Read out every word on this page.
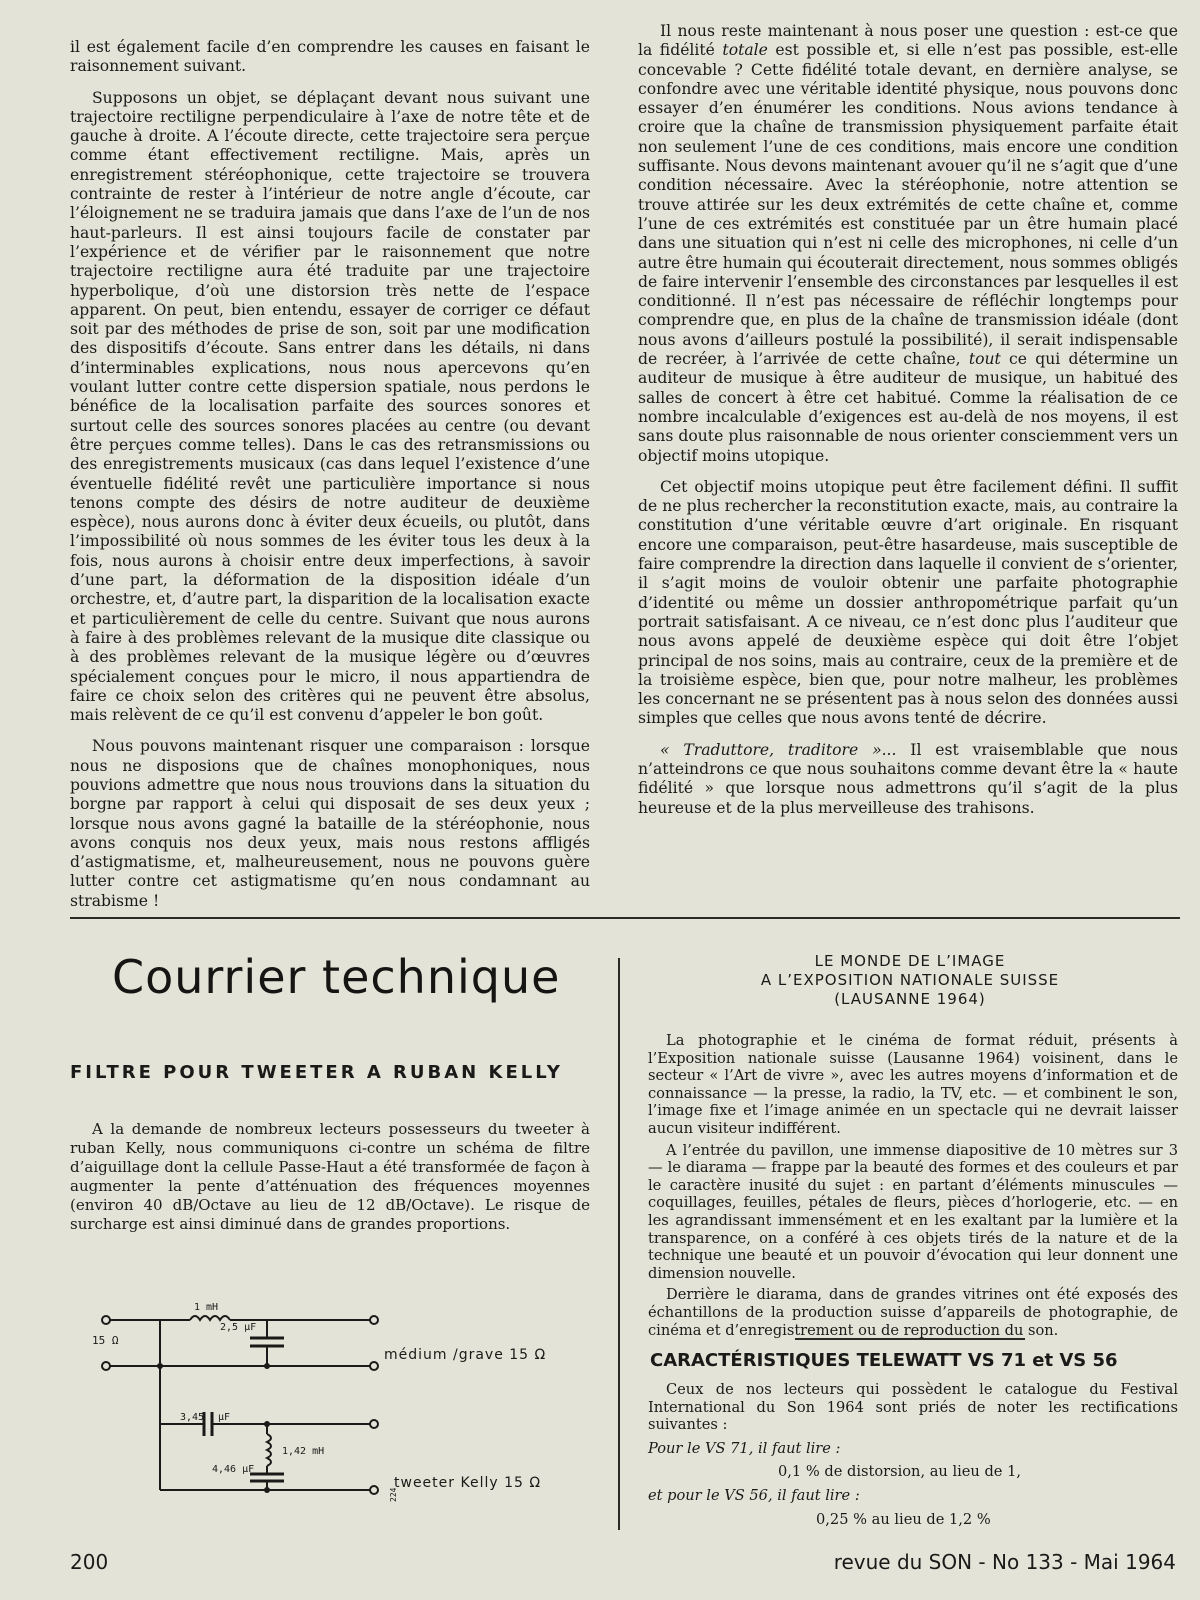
il est également facile d’en comprendre les causes en faisant le raisonnement suivant.

Supposons un objet, se déplaçant devant nous suivant une trajectoire rectiligne perpendiculaire à l’axe de notre tête et de gauche à droite. A l’écoute directe, cette trajectoire sera perçue comme étant effectivement rectiligne. Mais, après un enregistrement stéréophonique, cette trajectoire se trouvera contrainte de rester à l’intérieur de notre angle d’écoute, car l’éloignement ne se traduira jamais que dans l’axe de l’un de nos haut-parleurs. Il est ainsi toujours facile de constater par l’expérience et de vérifier par le raisonnement que notre trajectoire rectiligne aura été traduite par une trajectoire hyperbolique, d’où une distorsion très nette de l’espace apparent. On peut, bien entendu, essayer de corriger ce défaut soit par des méthodes de prise de son, soit par une modification des dispositifs d’écoute. Sans entrer dans les détails, ni dans d’interminables explications, nous nous apercevons qu’en voulant lutter contre cette dispersion spatiale, nous perdons le bénéfice de la localisation parfaite des sources sonores et surtout celle des sources sonores placées au centre (ou devant être perçues comme telles). Dans le cas des retransmissions ou des enregistrements musicaux (cas dans lequel l’existence d’une éventuelle fidélité revêt une particulière importance si nous tenons compte des désirs de notre auditeur de deuxième espèce), nous aurons donc à éviter deux écueils, ou plutôt, dans l’impossibilité où nous sommes de les éviter tous les deux à la fois, nous aurons à choisir entre deux imperfections, à savoir d’une part, la déformation de la disposition idéale d’un orchestre, et, d’autre part, la disparition de la localisation exacte et particulièrement de celle du centre. Suivant que nous aurons à faire à des problèmes relevant de la musique dite classique ou à des problèmes relevant de la musique légère ou d’œuvres spécialement conçues pour le micro, il nous appartiendra de faire ce choix selon des critères qui ne peuvent être absolus, mais relèvent de ce qu’il est convenu d’appeler le bon goût.

Nous pouvons maintenant risquer une comparaison : lorsque nous ne disposions que de chaînes monophoniques, nous pouvions admettre que nous nous trouvions dans la situation du borgne par rapport à celui qui disposait de ses deux yeux ; lorsque nous avons gagné la bataille de la stéréophonie, nous avons conquis nos deux yeux, mais nous restons affligés d’astigmatisme, et, malheureusement, nous ne pouvons guère lutter contre cet astigmatisme qu’en nous condamnant au strabisme !

Il nous reste maintenant à nous poser une question : est-ce que la fidélité totale est possible et, si elle n’est pas possible, est-elle concevable ? Cette fidélité totale devant, en dernière analyse, se confondre avec une véritable identité physique, nous pouvons donc essayer d’en énumérer les conditions. Nous avions tendance à croire que la chaîne de transmission physiquement parfaite était non seulement l’une de ces conditions, mais encore une condition suffisante. Nous devons maintenant avouer qu’il ne s’agit que d’une condition nécessaire. Avec la stéréophonie, notre attention se trouve attirée sur les deux extrémités de cette chaîne et, comme l’une de ces extrémités est constituée par un être humain placé dans une situation qui n’est ni celle des microphones, ni celle d’un autre être humain qui écouterait directement, nous sommes obligés de faire intervenir l’ensemble des circonstances par lesquelles il est conditionné. Il n’est pas nécessaire de réfléchir longtemps pour comprendre que, en plus de la chaîne de transmission idéale (dont nous avons d’ailleurs postulé la possibilité), il serait indispensable de recréer, à l’arrivée de cette chaîne, tout ce qui détermine un auditeur de musique à être auditeur de musique, un habitué des salles de concert à être cet habitué. Comme la réalisation de ce nombre incalculable d’exigences est au-delà de nos moyens, il est sans doute plus raisonnable de nous orienter consciemment vers un objectif moins utopique.

Cet objectif moins utopique peut être facilement défini. Il suffit de ne plus rechercher la reconstitution exacte, mais, au contraire la constitution d’une véritable œuvre d’art originale. En risquant encore une comparaison, peut-être hasardeuse, mais susceptible de faire comprendre la direction dans laquelle il convient de s’orienter, il s’agit moins de vouloir obtenir une parfaite photographie d’identité ou même un dossier anthropométrique parfait qu’un portrait satisfaisant. A ce niveau, ce n’est donc plus l’auditeur que nous avons appelé de deuxième espèce qui doit être l’objet principal de nos soins, mais au contraire, ceux de la première et de la troisième espèce, bien que, pour notre malheur, les problèmes les concernant ne se présentent pas à nous selon des données aussi simples que celles que nous avons tenté de décrire.

« Traduttore, traditore »... Il est vraisemblable que nous n’atteindrons ce que nous souhaitons comme devant être la « haute fidélité » que lorsque nous admettrons qu’il s’agit de la plus heureuse et de la plus merveilleuse des trahisons.

Courrier technique
FILTRE POUR TWEETER A RUBAN KELLY

A la demande de nombreux lecteurs possesseurs du tweeter à ruban Kelly, nous communiquons ci-contre un schéma de filtre d’aiguillage dont la cellule Passe-Haut a été transformée de façon à augmenter la pente d’atténuation des fréquences moyennes (environ 40 dB/Octave au lieu de 12 dB/Octave). Le risque de surcharge est ainsi diminué dans de grandes proportions.

1 mH
2,5 µF
15 Ω
3,45 µF
1,42 mH
4,46 µF
224
médium /grave 15 Ω
tweeter Kelly 15 Ω
LE MONDE DE L’IMAGE
A L’EXPOSITION NATIONALE SUISSE
(LAUSANNE 1964)

La photographie et le cinéma de format réduit, présents à l’Exposition nationale suisse (Lausanne 1964) voisinent, dans le secteur « l’Art de vivre », avec les autres moyens d’information et de connaissance — la presse, la radio, la TV, etc. — et combinent le son, l’image fixe et l’image animée en un spectacle qui ne devrait laisser aucun visiteur indifférent.

A l’entrée du pavillon, une immense diapositive de 10 mètres sur 3 — le diarama — frappe par la beauté des formes et des couleurs et par le caractère inusité du sujet : en partant d’éléments minuscules — coquillages, feuilles, pétales de fleurs, pièces d’horlogerie, etc. — en les agrandissant immensément et en les exaltant par la lumière et la transparence, on a conféré à ces objets tirés de la nature et de la technique une beauté et un pouvoir d’évocation qui leur donnent une dimension nouvelle.

Derrière le diarama, dans de grandes vitrines ont été exposés des échantillons de la production suisse d’appareils de photographie, de cinéma et d’enregistrement ou de reproduction du son.

CARACTÉRISTIQUES TELEWATT VS 71 et VS 56

Ceux de nos lecteurs qui possèdent le catalogue du Festival International du Son 1964 sont priés de noter les rectifications suivantes :

Pour le VS 71, il faut lire :

0,1 % de distorsion, au lieu de 1,

et pour le VS 56, il faut lire :

0,25 % au lieu de 1,2 %

200	revue du SON - No 133 - Mai 1964
